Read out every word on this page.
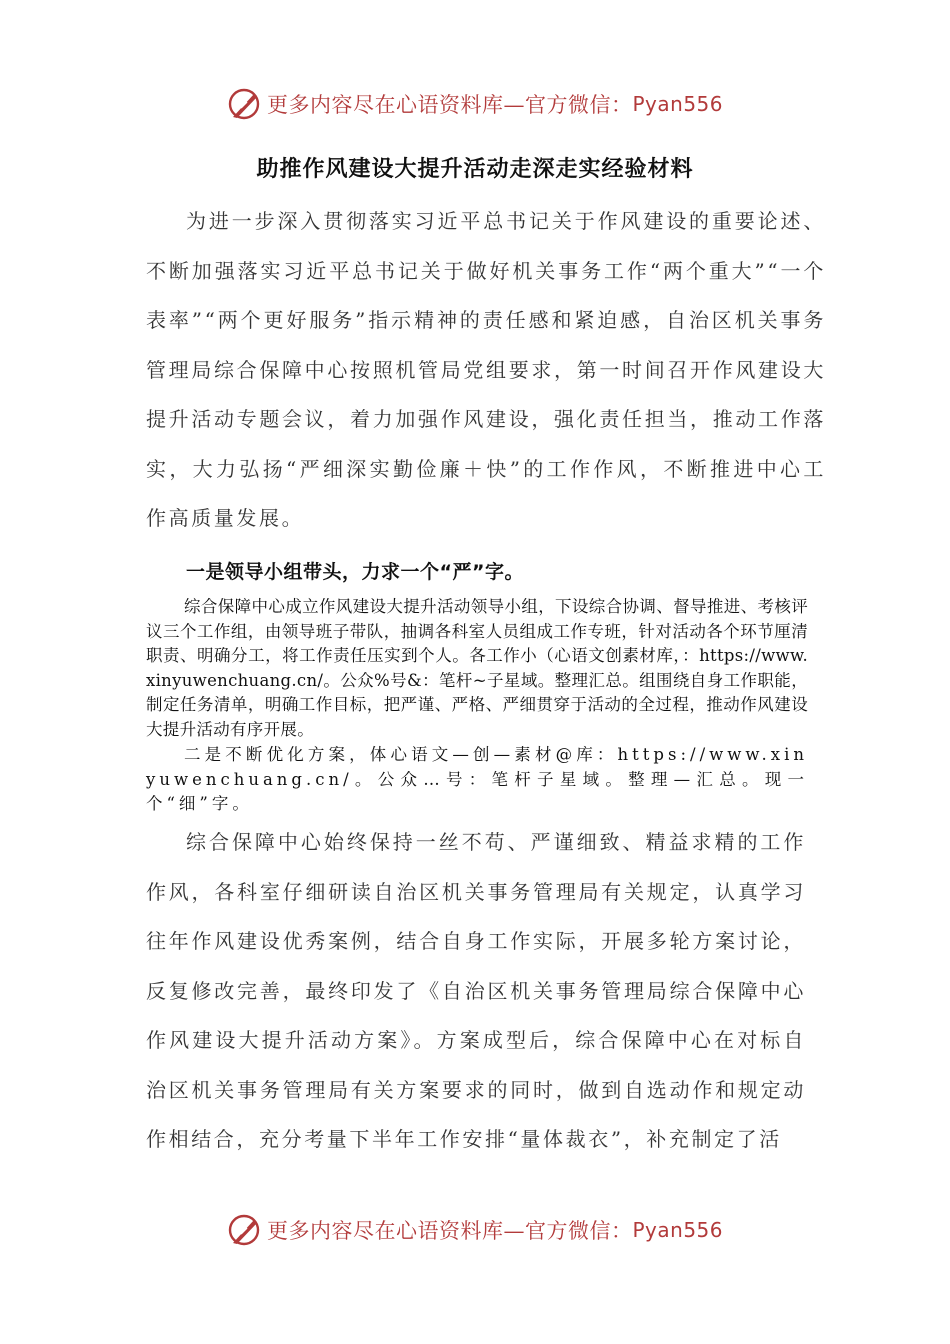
更多内容尽在心语资料库—官方微信： Pyan556
助推作风建设大提升活动走深走实经验材料

为进一步深入贯彻落实习近平总书记关于作风建设的重要论述、不断加强落实习近平总书记关于做好机关事务工作“两个重大”“一个表率”“两个更好服务”指示精神的责任感和紧迫感，自治区机关事务管理局综合保障中心按照机管局党组要求，第一时间召开作风建设大提升活动专题会议，着力加强作风建设，强化责任担当，推动工作落实，大力弘扬“严细深实勤俭廉＋快”的工作作风，不断推进中心工作高质量发展。

一是领导小组带头，力求一个“严”字。

综合保障中心成立作风建设大提升活动领导小组，下设综合协调、督导推进、考核评议三个工作组，由领导班子带队，抽调各科室人员组成工作专班，针对活动各个环节厘清职责、明确分工，将工作责任压实到个人。各工作小（心语文创素材库，：https://www.xinyuwenchuang.cn/。公众%号&：笔杆~子星域。整理汇总。组围绕自身工作职能，制定任务清单，明确工作目标，把严谨、严格、严细贯穿于活动的全过程，推动作风建设大提升活动有序开展。

二是不断优化方案，体心语文—创—素材@库：https://www.xinyuwenchuang.cn/。公众…号：笔杆子星域。整理—汇总。现一个“细”字。

综合保障中心始终保持一丝不苟、严谨细致、精益求精的工作作风，各科室仔细研读自治区机关事务管理局有关规定，认真学习往年作风建设优秀案例，结合自身工作实际，开展多轮方案讨论，反复修改完善，最终印发了《自治区机关事务管理局综合保障中心作风建设大提升活动方案》。方案成型后，综合保障中心在对标自治区机关事务管理局有关方案要求的同时，做到自选动作和规定动作相结合，充分考量下半年工作安排“量体裁衣”，补充制定了活

更多内容尽在心语资料库—官方微信： Pyan556
